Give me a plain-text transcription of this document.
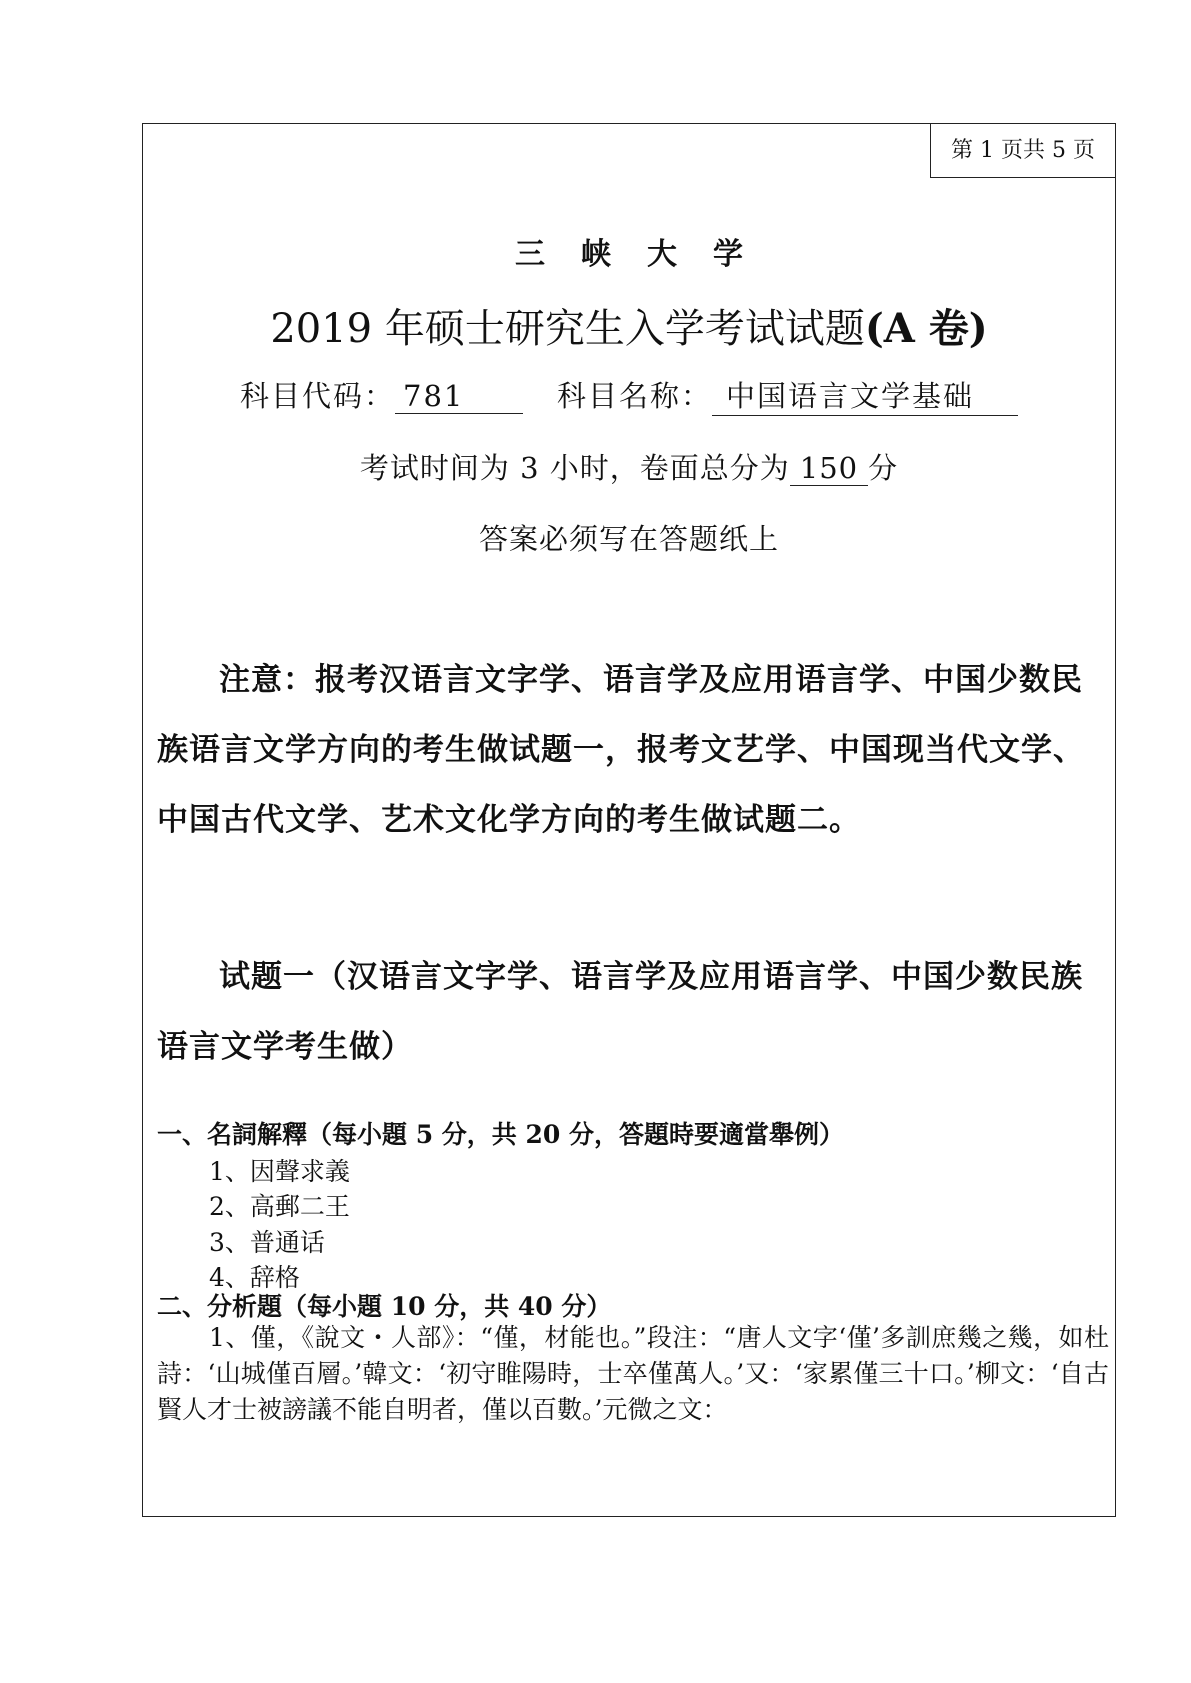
第 1 页共 5 页
三峡大学
2019 年硕士研究生入学考试试题(A 卷)
科目代码： 781	科目名称： 中国语言文学基础
考试时间为 3 小时，卷面总分为 150 分
答案必须写在答题纸上
注意：报考汉语言文字学、语言学及应用语言学、中国少数民族语言文学方向的考生做试题一，报考文艺学、中国现当代文学、中国古代文学、艺术文化学方向的考生做试题二。
试题一（汉语言文字学、语言学及应用语言学、中国少数民族语言文学考生做）
一、名詞解釋（每小題 5 分，共 20 分，答題時要適當舉例）
1、因聲求義
2、高郵二王
3、普通话
4、辞格
二、分析題（每小題 10 分，共 40 分）
1、僅，《說文・人部》：“僅，材能也。”段注：“唐人文字‘僅’多訓庶幾之幾，如杜詩：‘山城僅百層。’韓文：‘初守睢陽時，士卒僅萬人。’又：‘家累僅三十口。’柳文：‘自古賢人才士被謗議不能自明者，僅以百數。’元微之文：
